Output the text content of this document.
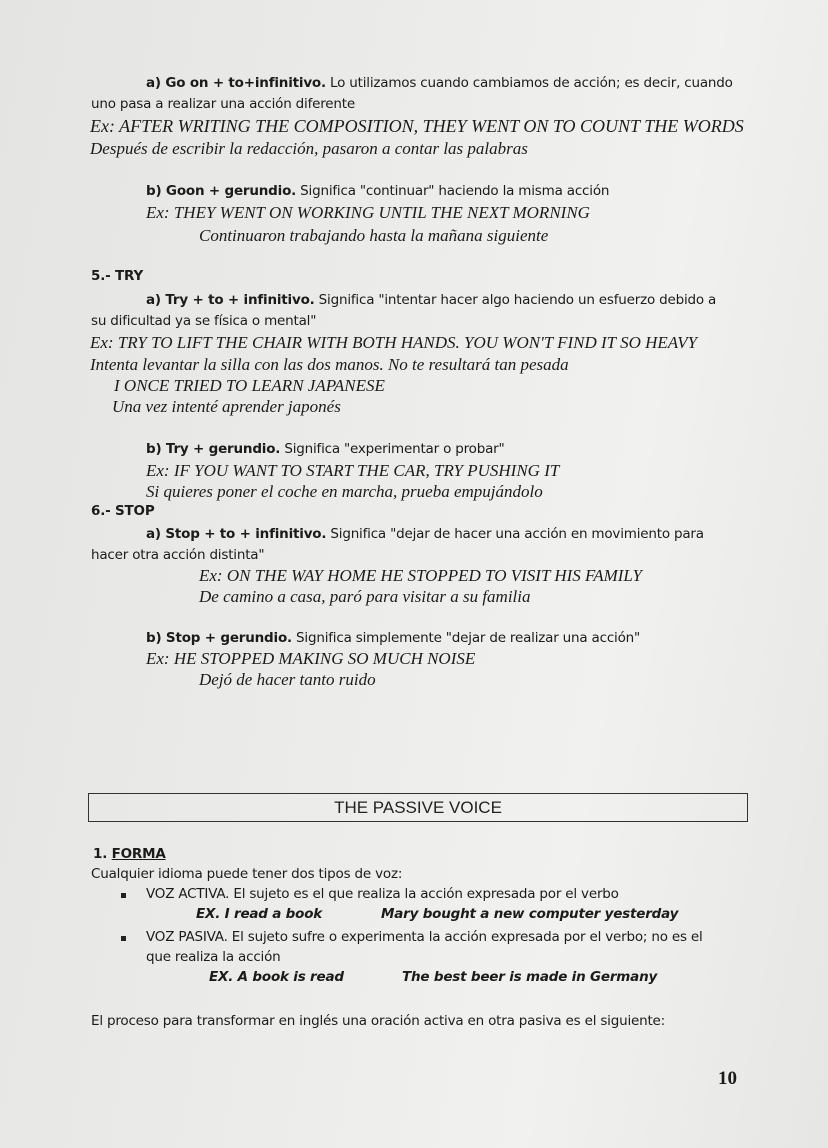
a) Go on + to+infinitivo. Lo utilizamos cuando cambiamos de acción; es decir, cuando
uno pasa a realizar una acción diferente
Ex: AFTER WRITING THE COMPOSITION, THEY WENT ON TO COUNT THE WORDS
Después de escribir la redacción, pasaron a contar las palabras
b) Goon + gerundio. Significa "continuar" haciendo la misma acción
Ex: THEY WENT ON WORKING UNTIL THE NEXT MORNING
Continuaron trabajando hasta la mañana siguiente
5.- TRY
a) Try + to + infinitivo. Significa "intentar hacer algo haciendo un esfuerzo debido a
su dificultad ya se física o mental"
Ex: TRY TO LIFT THE CHAIR WITH BOTH HANDS. YOU WON'T FIND IT SO HEAVY
Intenta levantar la silla con las dos manos. No te resultará tan pesada
I ONCE TRIED TO LEARN JAPANESE
Una vez intenté aprender japonés
b) Try + gerundio. Significa "experimentar o probar"
Ex: IF YOU WANT TO START THE CAR, TRY PUSHING IT
Si quieres poner el coche en marcha, prueba empujándolo
6.- STOP
a) Stop + to + infinitivo. Significa "dejar de hacer una acción en movimiento para
hacer otra acción distinta"
Ex: ON THE WAY HOME HE STOPPED TO VISIT HIS FAMILY
De camino a casa, paró para visitar a su familia
b) Stop + gerundio. Significa simplemente "dejar de realizar una acción"
Ex: HE STOPPED MAKING SO MUCH NOISE
Dejó de hacer tanto ruido
THE PASSIVE VOICE
1. FORMA
Cualquier idioma puede tener dos tipos de voz:
VOZ ACTIVA. El sujeto es el que realiza la acción expresada por el verbo
EX. I read a book	Mary bought a new computer yesterday
VOZ PASIVA. El sujeto sufre o experimenta la acción expresada por el verbo; no es el
que realiza la acción
EX. A book is read	The best beer is made in Germany
El proceso para transformar en inglés una oración activa en otra pasiva es el siguiente:
10
